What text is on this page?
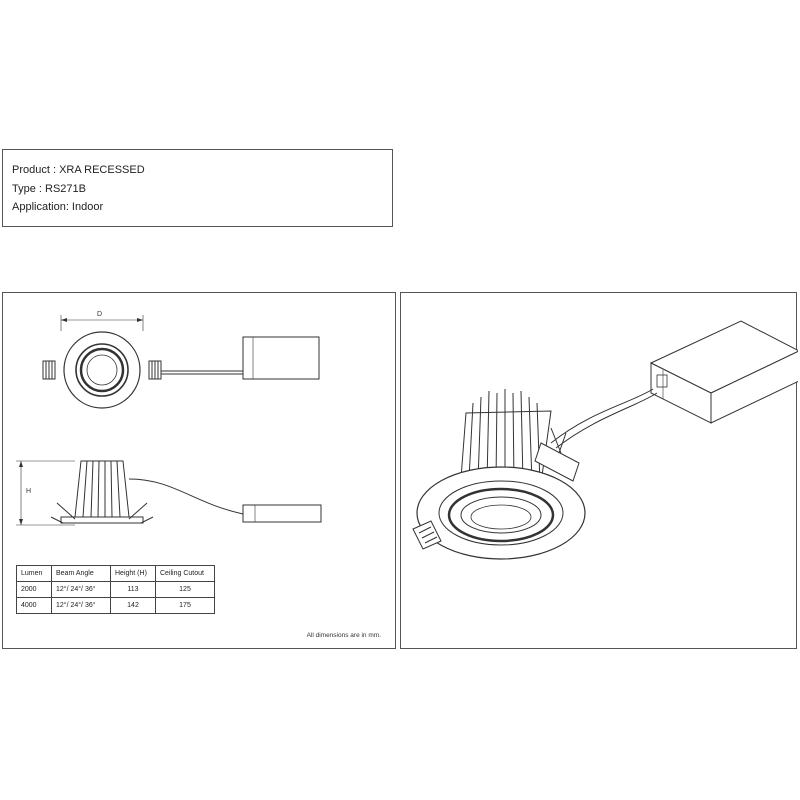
Product : XRA RECESSED
Type : RS271B
Application: Indoor
D
H
Lumen	Beam Angle	Height (H)	Ceiling Cutout
2000	12°/ 24°/ 36°	113	125
4000	12°/ 24°/ 36°	142	175
All dimensions are in mm.
